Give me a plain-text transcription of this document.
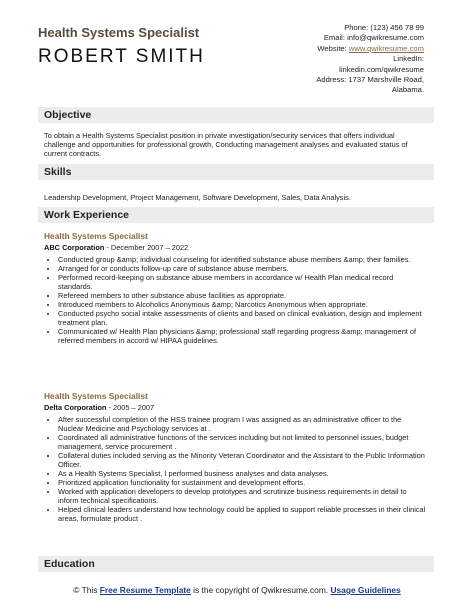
Health Systems Specialist
ROBERT SMITH
Phone: (123) 456 78 99
Email: info@qwikresume.com
Website: www.qwikresume.com
LinkedIn:
linkedin.com/qwikresume
Address: 1737 Marshville Road,
Alabama.
Objective
To obtain a Health Systems Specialist position in private investigation/security services that offers individual challenge and opportunities for professional growth, Conducting management analyses and evaluated status of current contracts.
Skills
Leadership Development, Project Management, Software Development, Sales, Data Analysis.
Work Experience
Health Systems Specialist
ABC Corporation - December 2007 – 2022
• Conducted group &amp; individual counseling for identified substance abuse members &amp; their families.
• Arranged for or conducts follow-up care of substance abuse members.
• Performed record-keeping on substance abuse members in accordance w/ Health Plan medical record standards.
• Refereed members to other substance abuse facilities as appropriate.
• Introduced members to Alcoholics Anonymous &amp; Narcotics Anonymous when appropriate.
• Conducted psycho social intake assessments of clients and based on clinical evaluation, design and implement treatment plan.
• Communicated w/ Health Plan physicians &amp; professional staff regarding progress &amp; management of referred members in accord w/ HIPAA guidelines.
Health Systems Specialist
Delta Corporation - 2005 – 2007
• After successful completion of the HSS trainee program I was assigned as an administrative officer to the Nuclear Medicine and Psychology services at .
• Coordinated all administrative functions of the services including but not limited to personnel issues, budget management, service procurement .
• Collateral duties included serving as the Minority Veteran Coordinator and the Assistant to the Public Information Officer.
• As a Health Systems Specialist, I performed business analyses and data analyses.
• Prioritized application functionality for sustainment and development efforts.
• Worked with application developers to develop prototypes and scrutinize business requirements in detail to inform technical specifications.
• Helped clinical leaders understand how technology could be applied to support reliable processes in their clinical areas, formulate product .
Education
© This Free Resume Template is the copyright of Qwikresume.com. Usage Guidelines
